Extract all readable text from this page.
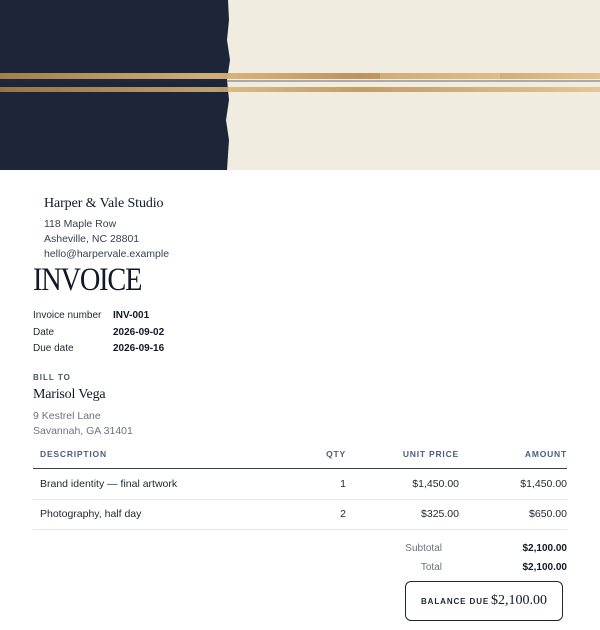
Harper & Vale Studio
118 Maple Row
Asheville, NC 28801
hello@harpervale.example
INVOICE
Invoice number	INV-001
Date	2026-09-02
Due date	2026-09-16
BILL TO
Marisol Vega
9 Kestrel Lane
Savannah, GA 31401
DESCRIPTION	QTY	UNIT PRICE	AMOUNT
Brand identity — final artwork	1	$1,450.00	$1,450.00
Photography, half day	2	$325.00	$650.00
Subtotal	$2,100.00
Total	$2,100.00
BALANCE DUE $2,100.00
